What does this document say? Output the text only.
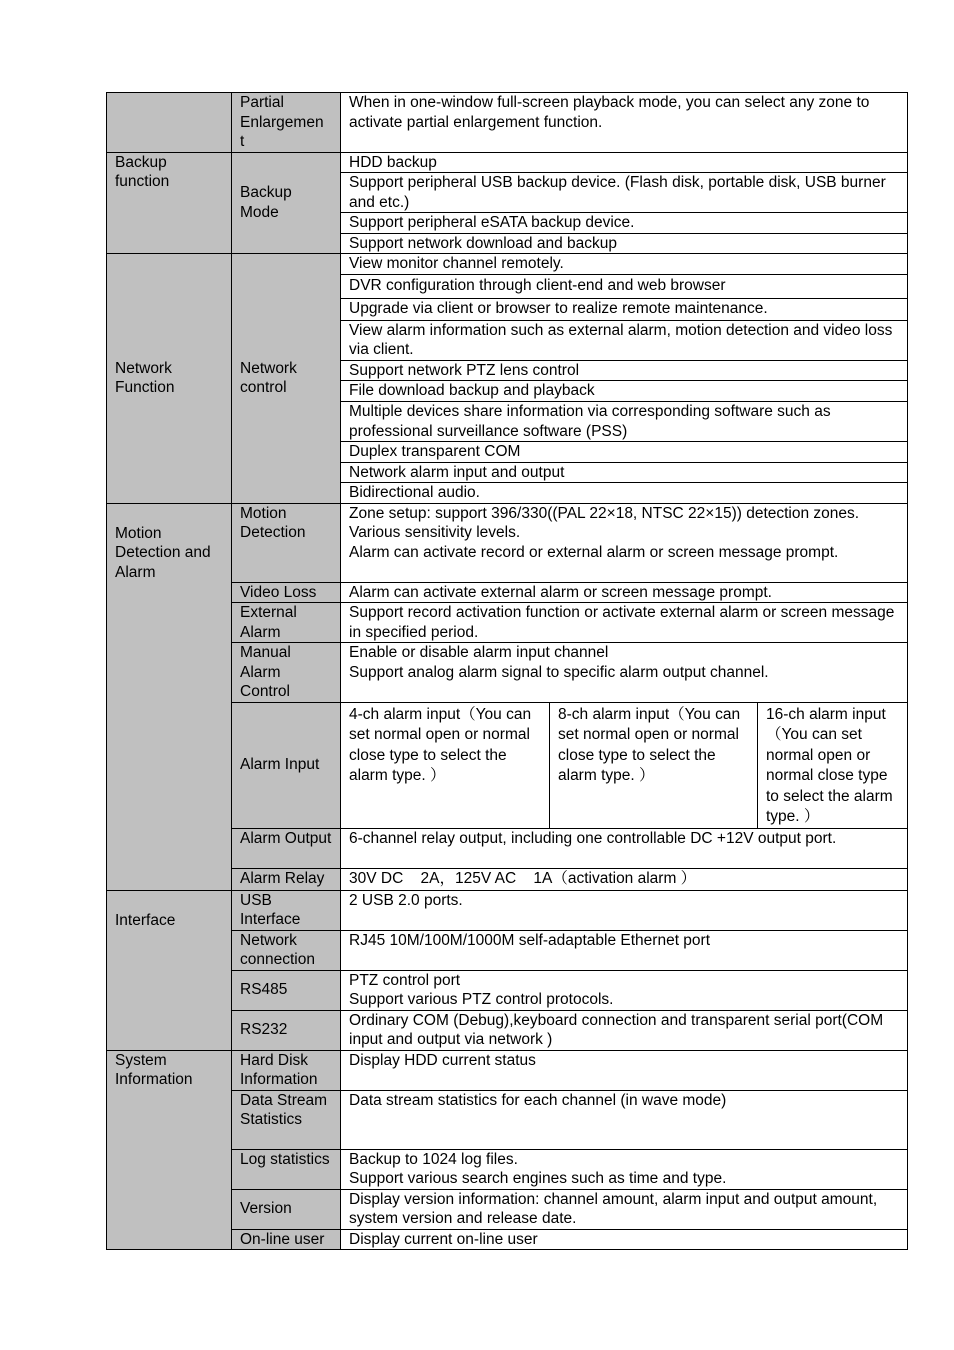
	Partial Enlargemen t	When in one-window full-screen playback mode, you can select any zone to activate partial enlargement function.		
Backup function	Backup Mode	HDD backup		
		Support peripheral USB backup device. (Flash disk, portable disk, USB burner and etc.)		
		Support peripheral eSATA backup device.		
		Support network download and backup		
Network Function	Network control	View monitor channel remotely.		
		DVR configuration through client-end and web browser		
		Upgrade via client or browser to realize remote maintenance.		
		View alarm information such as external alarm, motion detection and video loss via client.		
		Support network PTZ lens control		
		File download backup and playback		
		Multiple devices share information via corresponding software such as professional surveillance software (PSS)		
		Duplex transparent COM		
		Network alarm input and output		
		Bidirectional audio.		
Motion Detection and Alarm	Motion Detection	Zone setup: support 396/330((PAL 22×18, NTSC 22×15)) detection zones.
Various sensitivity levels.
Alarm can activate record or external alarm or screen message prompt.		
	Video Loss	Alarm can activate external alarm or screen message prompt.		
	External Alarm	Support record activation function or activate external alarm or screen message in specified period.		
	Manual Alarm Control	Enable or disable alarm input channel
Support analog alarm signal to specific alarm output channel.		
	Alarm Input	4-ch alarm input（You can set normal open or normal close type to select the alarm type. ）	8-ch alarm input（You can set normal open or normal close type to select the alarm type. ）	16-ch alarm input（You can set normal open or normal close type to select the alarm type. ）
	Alarm Output	6-channel relay output, including one controllable DC +12V output port.		
	Alarm Relay	30V DC    2A，125V AC    1A（activation alarm ）		
Interface	USB Interface	2 USB 2.0 ports.		
	Network connection	RJ45 10M/100M/1000M self-adaptable Ethernet port		
	RS485	PTZ control port
Support various PTZ control protocols.		
	RS232	Ordinary COM (Debug),keyboard connection and transparent serial port(COM input and output via network )		
System Information	Hard Disk Information	Display HDD current status		
	Data Stream Statistics	Data stream statistics for each channel (in wave mode)		
	Log statistics	Backup to 1024 log files.
Support various search engines such as time and type.		
	Version	Display version information: channel amount, alarm input and output amount, system version and release date.		
	On-line user	Display current on-line user		
